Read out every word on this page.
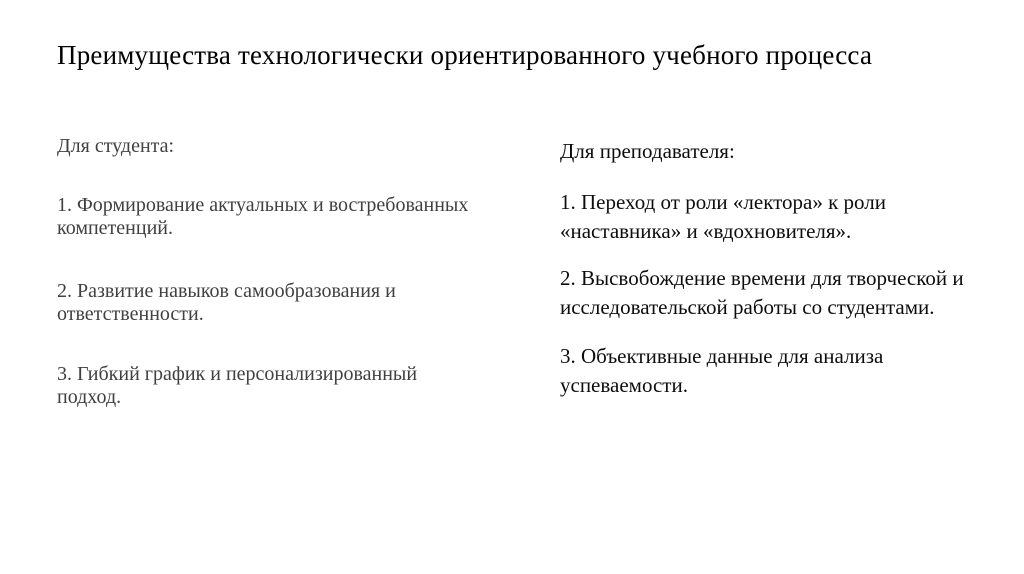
Преимущества технологически ориентированного учебного процесса
Для студента:

1. Формирование актуальных и востребованных компетенций.

2. Развитие навыков самообразования и ответственности.

3. Гибкий график и персонализированный подход.

Для преподавателя:

1. Переход от роли «лектора» к роли «наставника» и «вдохновителя».

2. Высвобождение времени для творческой и исследовательской работы со студентами.

3. Объективные данные для анализа успеваемости.
